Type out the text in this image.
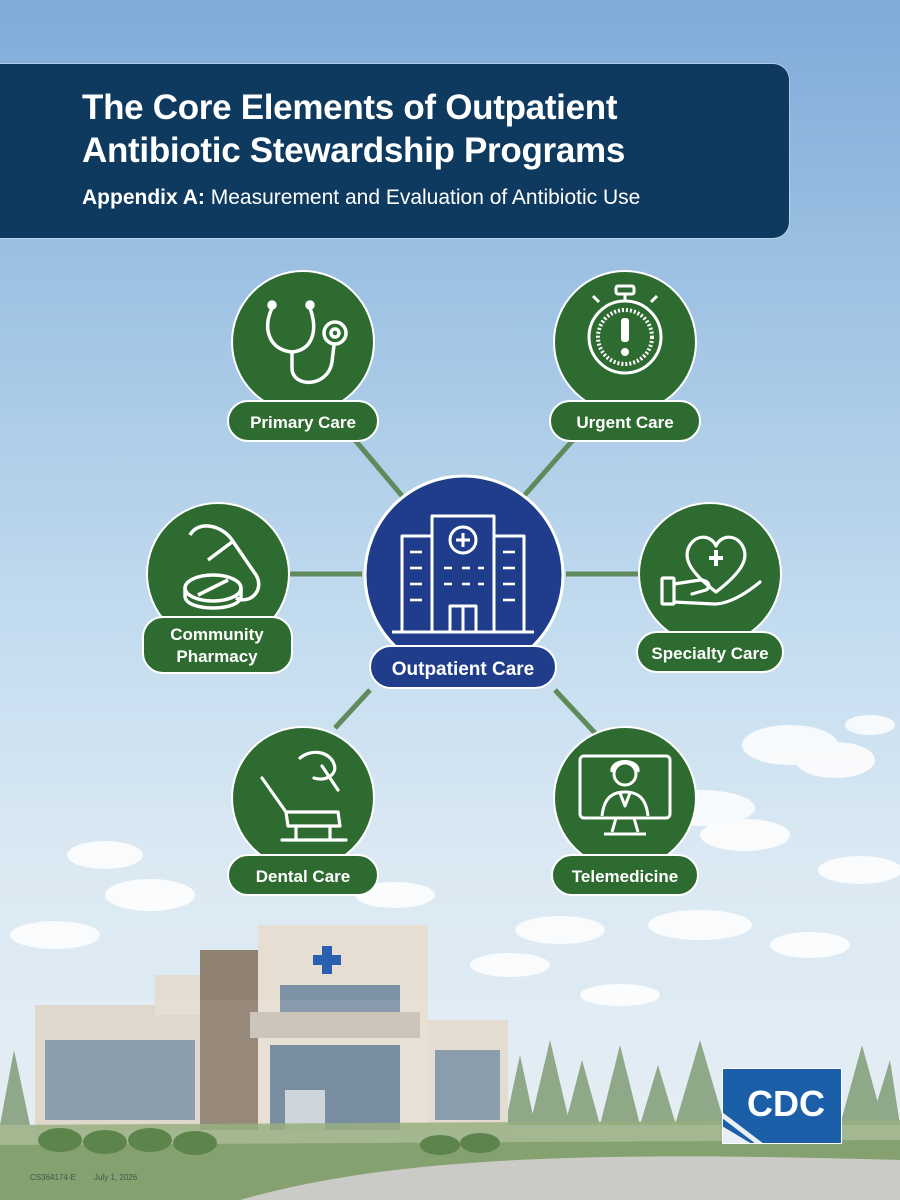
The Core Elements of Outpatient
Antibiotic Stewardship Programs
Appendix A: Measurement and Evaluation of Antibiotic Use
Primary Care	Urgent Care
Community
Pharmacy	Specialty Care
Dental Care	Telemedicine
Outpatient Care
CDC
CS364174-E July 1, 2026
